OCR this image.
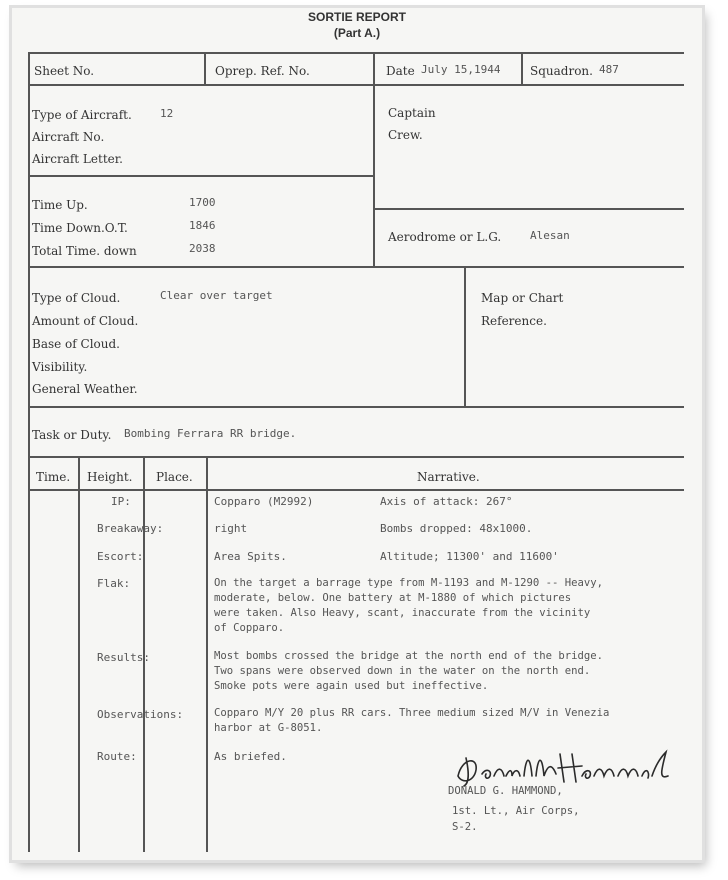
SORTIE REPORT
(Part A.)
Sheet No.	Oprep. Ref. No.	Date July 15,1944 Squadron. 487
Type of Aircraft.	12
Aircraft No.
Aircraft Letter.
Captain
Crew.
Time Up.	1700
Time Down.O.T.	1846
Total Time. down	2038
Aerodrome or L.G.	Alesan
Type of Cloud.	Clear over target
Amount of Cloud.
Base of Cloud.
Visibility.
General Weather.
Map or Chart
Reference.
Task or Duty. Bombing Ferrara RR bridge.
Time. Height. Place.	Narrative.
IP:	Copparo (M2992)	Axis of attack: 267°
Breakaway:	right	Bombs dropped: 48x1000.
Escort:	Area Spits.	Altitude; 11300' and 11600'
Flak:	On the target a barrage type from M-1193 and M-1290 -- Heavy,
moderate, below. One battery at M-1880 of which pictures
were taken. Also Heavy, scant, inaccurate from the vicinity
of Copparo.
Results:	Most bombs crossed the bridge at the north end of the bridge.
Two spans were observed down in the water on the north end.
Smoke pots were again used but ineffective.
Observations:	Copparo M/Y 20 plus RR cars. Three medium sized M/V in Venezia
harbor at G-8051.
Route:	As briefed.
DONALD G. HAMMOND,
1st. Lt., Air Corps,
S-2.
